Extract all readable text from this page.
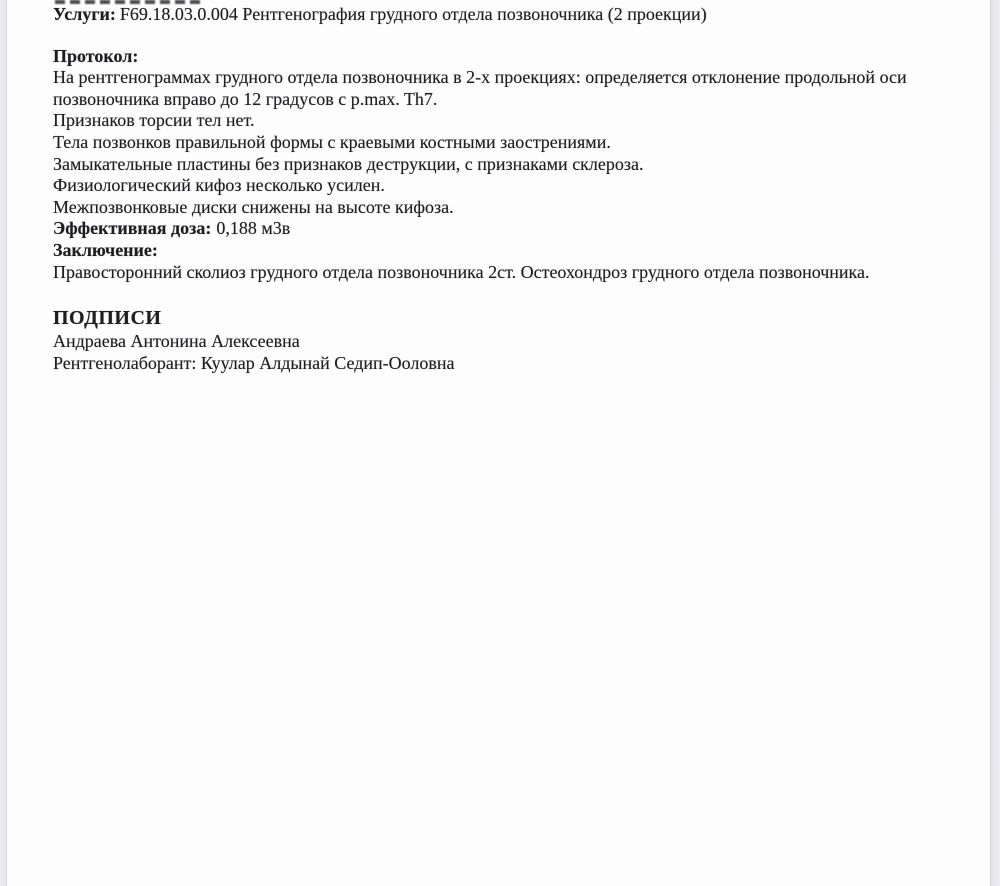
Услуги: F69.18.03.0.004 Рентгенография грудного отдела позвоночника (2 проекции)

Протокол:

На рентгенограммах грудного отдела позвоночника в 2-х проекциях: определяется отклонение продольной оси

позвоночника вправо до 12 градусов с p.max. Th7.

Признаков торсии тел нет.

Тела позвонков правильной формы с краевыми костными заострениями.

Замыкательные пластины без признаков деструкции, с признаками склероза.

Физиологический кифоз несколько усилен.

Межпозвонковые диски снижены на высоте кифоза.

Эффективная доза: 0,188 м3в

Заключение:

Правосторонний сколиоз грудного отдела позвоночника 2ст. Остеохондроз грудного отдела позвоночника.

ПОДПИСИ

Андраева Антонина Алексеевна

Рентгенолаборант: Куулар Алдынай Седип-Ооловна
